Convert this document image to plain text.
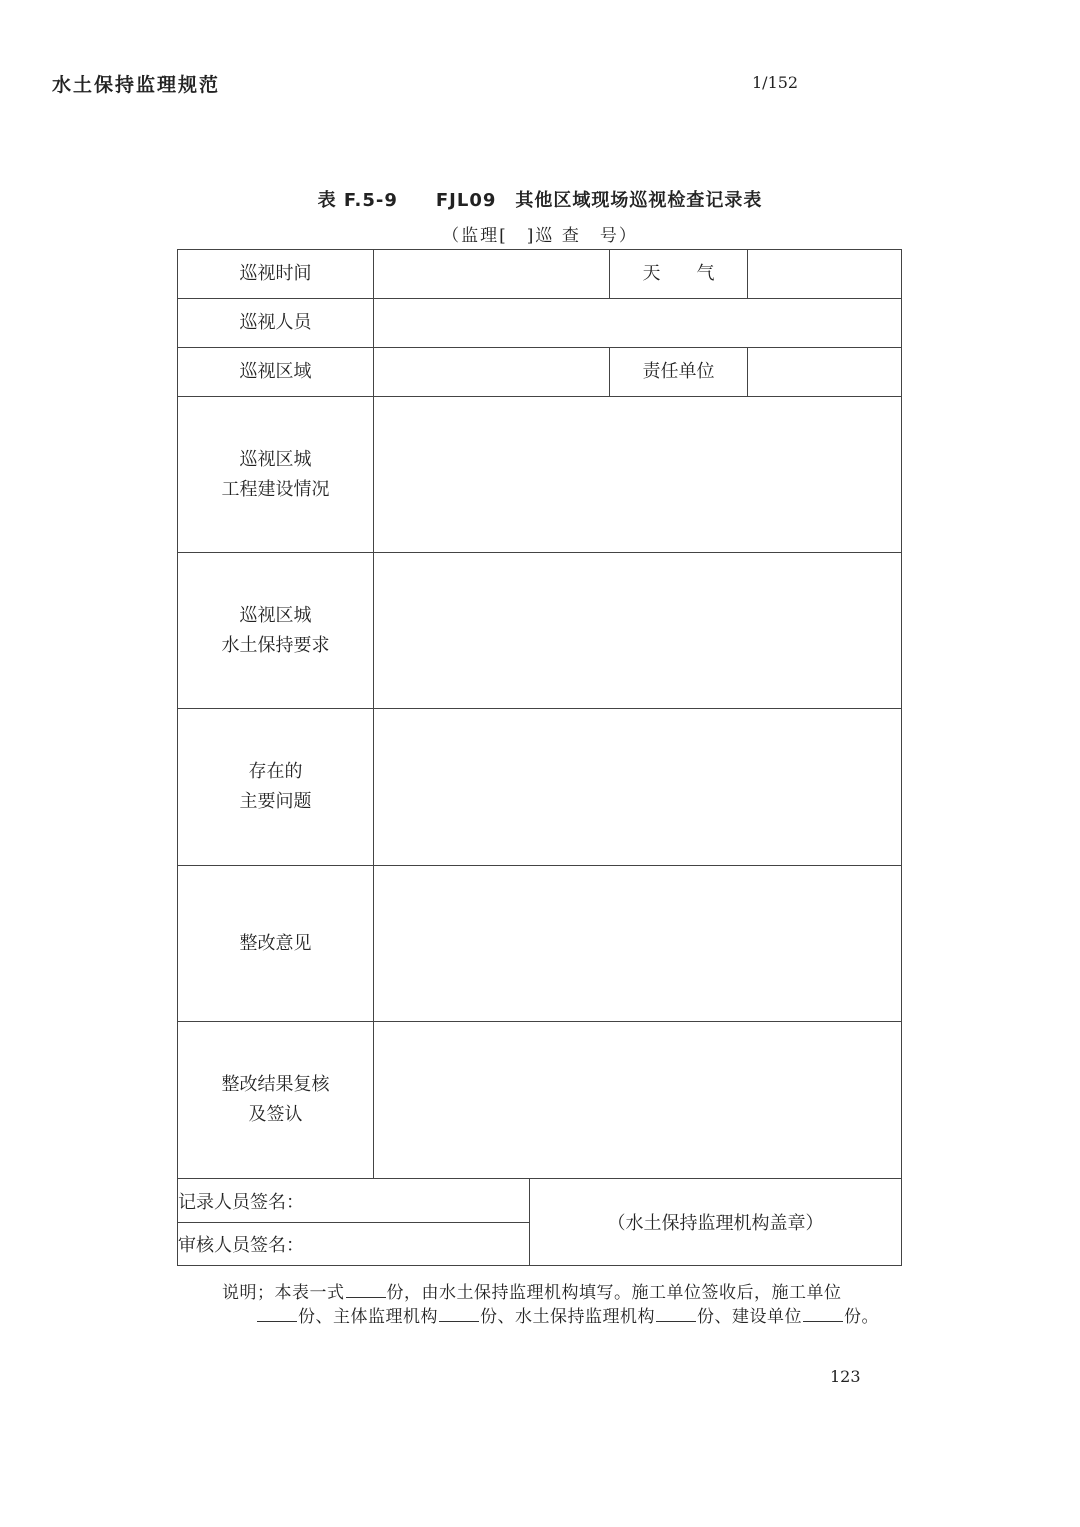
水土保持监理规范	1/152
表 F.5-9　　FJL09　其他区域现场巡视检查记录表
（监理[　]巡 查　号）
巡视时间			天　　气	
巡视人员				
巡视区域			责任单位	

巡视区城
工程建设情况				

巡视区城
水土保持要求				

存在的
主要问题				

整改意见				

整改结果复核
及签认				

记录人员签名：		（水土保持监理机构盖章）		
审核人员签名：				
说明；本表一式 份，由水土保持监理机构填写。施工单位签收后，施工单位
份、主体监理机构 份、水土保持监理机构 份、建设单位 份。
123
